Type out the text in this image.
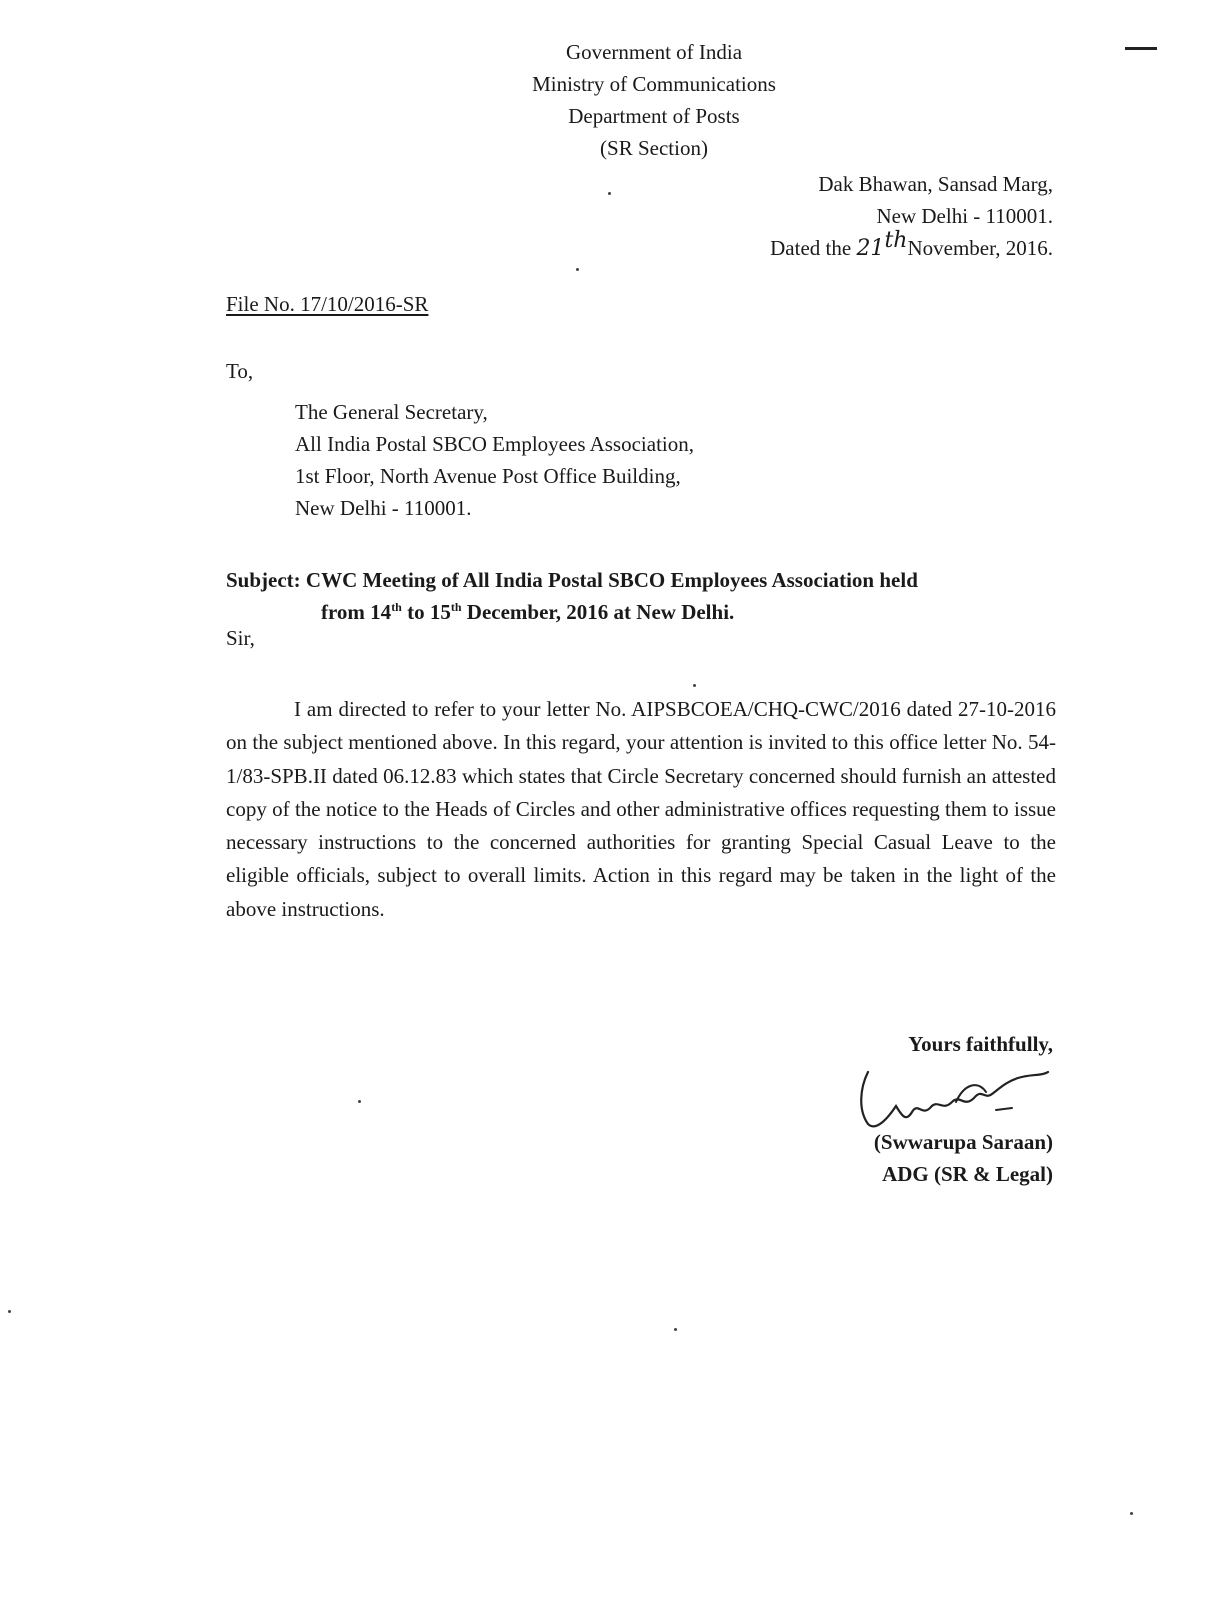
Government of India
Ministry of Communications
Department of Posts
(SR Section)
Dak Bhawan, Sansad Marg,
New Delhi - 110001.
Dated the 21thNovember, 2016.
File No. 17/10/2016-SR
To,
The General Secretary,
All India Postal SBCO Employees Association,
1st Floor, North Avenue Post Office Building,
New Delhi - 110001.
Subject: CWC Meeting of All India Postal SBCO Employees Association held
from 14th to 15th December, 2016 at New Delhi.
Sir,
I am directed to refer to your letter No. AIPSBCOEA/CHQ-CWC/2016 dated 27-10-2016 on the subject mentioned above. In this regard, your attention is invited to this office letter No. 54-1/83-SPB.II dated 06.12.83 which states that Circle Secretary concerned should furnish an attested copy of the notice to the Heads of Circles and other administrative offices requesting them to issue necessary instructions to the concerned authorities for granting Special Casual Leave to the eligible officials, subject to overall limits. Action in this regard may be taken in the light of the above instructions.
Yours faithfully,
(Swwarupa Saraan)
ADG (SR & Legal)
